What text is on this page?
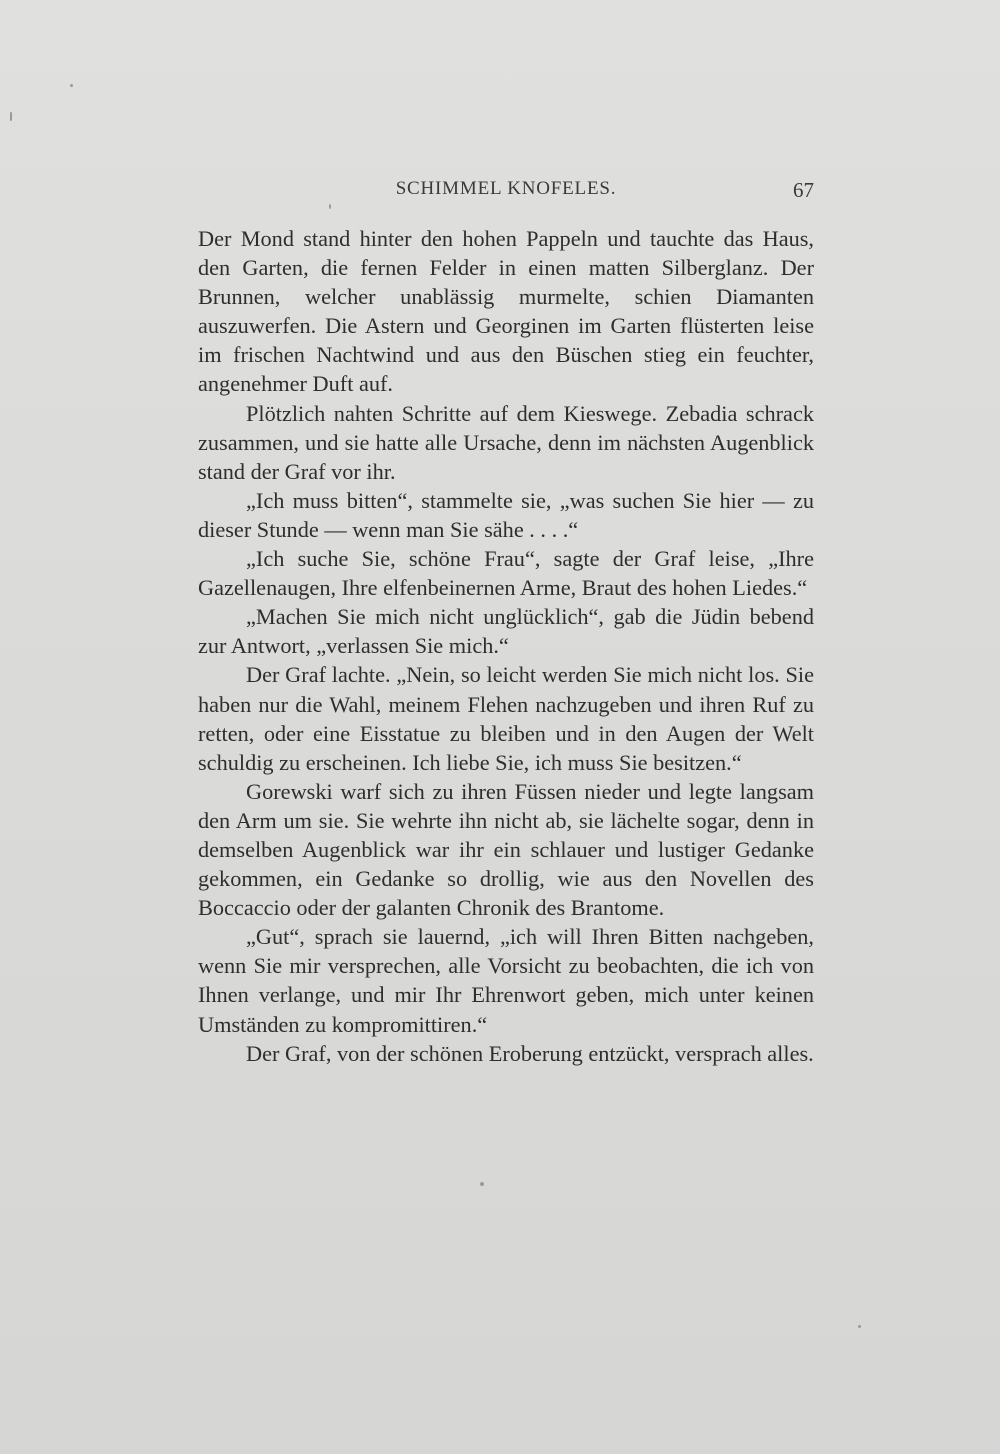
SCHIMMEL KNOFELES.	67

Der Mond stand hinter den hohen Pappeln und tauchte das Haus, den Garten, die fernen Felder in einen matten Silberglanz. Der Brunnen, welcher unablässig murmelte, schien Diamanten auszuwerfen. Die Astern und Georginen im Garten flüsterten leise im frischen Nachtwind und aus den Büschen stieg ein feuchter, angenehmer Duft auf.

Plötzlich nahten Schritte auf dem Kieswege. Zebadia schrack zusammen, und sie hatte alle Ursache, denn im nächsten Augenblick stand der Graf vor ihr.

„Ich muss bitten“, stammelte sie, „was suchen Sie hier — zu dieser Stunde — wenn man Sie sähe . . . .“

„Ich suche Sie, schöne Frau“, sagte der Graf leise, „Ihre Gazellenaugen, Ihre elfenbeinernen Arme, Braut des hohen Liedes.“

„Machen Sie mich nicht unglücklich“, gab die Jüdin bebend zur Antwort, „verlassen Sie mich.“

Der Graf lachte. „Nein, so leicht werden Sie mich nicht los. Sie haben nur die Wahl, meinem Flehen nachzugeben und ihren Ruf zu retten, oder eine Eisstatue zu bleiben und in den Augen der Welt schuldig zu erscheinen. Ich liebe Sie, ich muss Sie besitzen.“

Gorewski warf sich zu ihren Füssen nieder und legte langsam den Arm um sie. Sie wehrte ihn nicht ab, sie lächelte sogar, denn in demselben Augenblick war ihr ein schlauer und lustiger Gedanke gekommen, ein Gedanke so drollig, wie aus den Novellen des Boccaccio oder der galanten Chronik des Brantome.

„Gut“, sprach sie lauernd, „ich will Ihren Bitten nachgeben, wenn Sie mir versprechen, alle Vorsicht zu beobachten, die ich von Ihnen verlange, und mir Ihr Ehrenwort geben, mich unter keinen Umständen zu kompromittiren.“

Der Graf, von der schönen Eroberung entzückt, versprach alles.
